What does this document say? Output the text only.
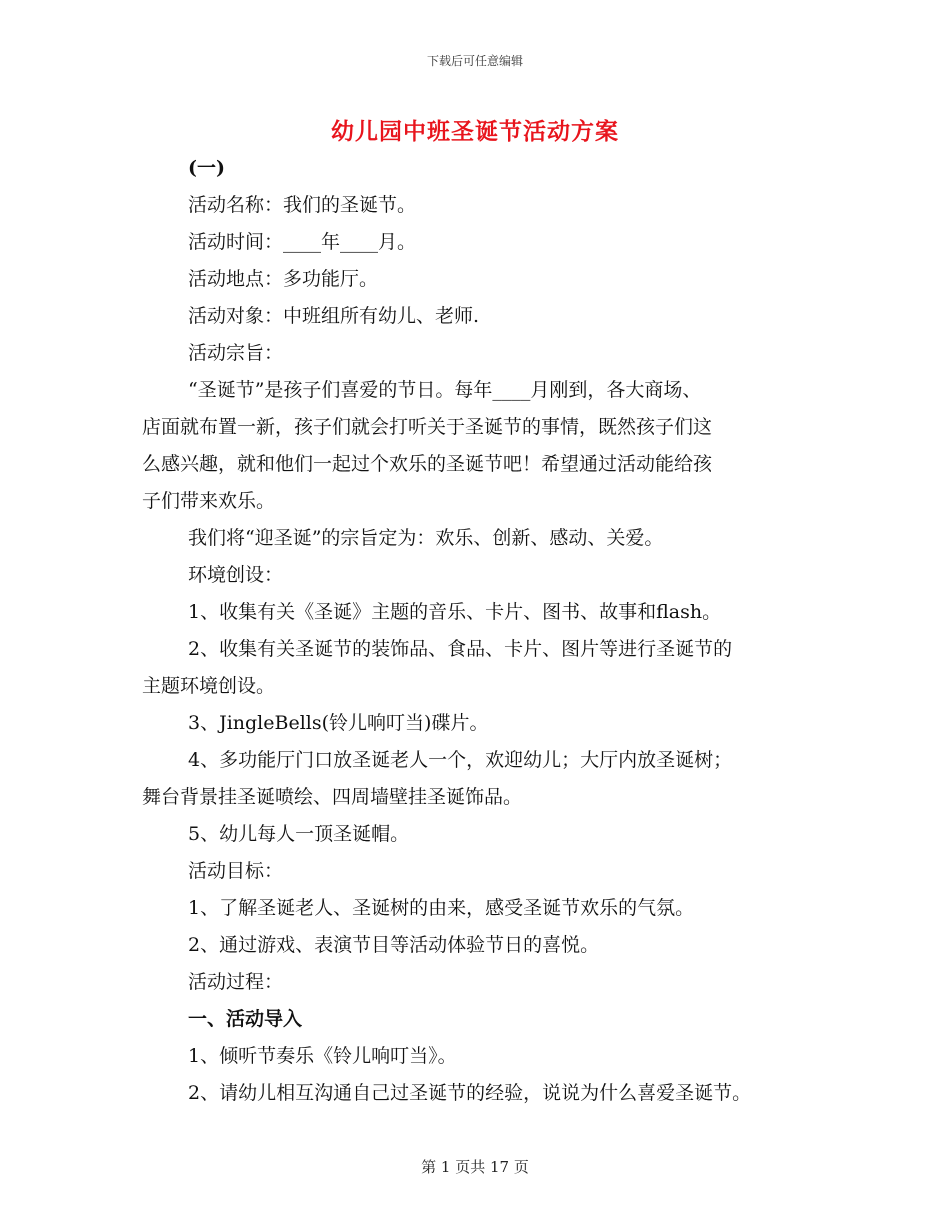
下载后可任意编辑
幼儿园中班圣诞节活动方案
(一)
活动名称：我们的圣诞节。
活动时间：____年____月。
活动地点：多功能厅。
活动对象：中班组所有幼儿、老师.
活动宗旨：
“圣诞节”是孩子们喜爱的节日。每年____月刚到，各大商场、
店面就布置一新，孩子们就会打听关于圣诞节的事情，既然孩子们这
么感兴趣，就和他们一起过个欢乐的圣诞节吧！希望通过活动能给孩
子们带来欢乐。
我们将“迎圣诞”的宗旨定为：欢乐、创新、感动、关爱。
环境创设：
1、收集有关《圣诞》主题的音乐、卡片、图书、故事和flash。
2、收集有关圣诞节的装饰品、食品、卡片、图片等进行圣诞节的
主题环境创设。
3、JingleBells(铃儿响叮当)碟片。
4、多功能厅门口放圣诞老人一个，欢迎幼儿；大厅内放圣诞树；
舞台背景挂圣诞喷绘、四周墙壁挂圣诞饰品。
5、幼儿每人一顶圣诞帽。
活动目标：
1、了解圣诞老人、圣诞树的由来，感受圣诞节欢乐的气氛。
2、通过游戏、表演节目等活动体验节日的喜悦。
活动过程：
一、活动导入
1、倾听节奏乐《铃儿响叮当》。
2、请幼儿相互沟通自己过圣诞节的经验，说说为什么喜爱圣诞节。
第 1 页共 17 页
